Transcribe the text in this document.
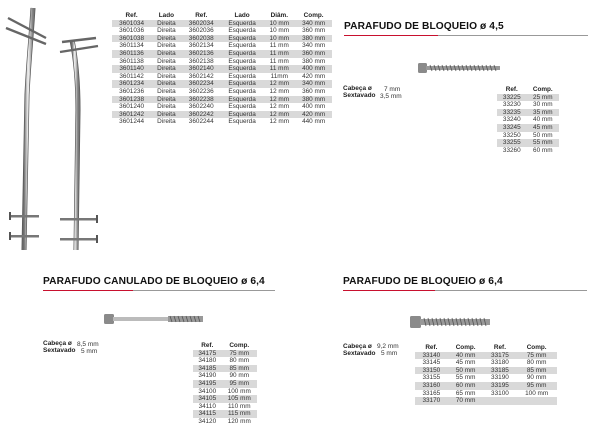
Ref.	Lado	Ref.	Lado	Diâm.	Comp.
3601034	Direita	3602034	Esquerda	10 mm	340 mm
3601036	Direita	3602036	Esquerda	10 mm	360 mm
3601038	Direita	3602038	Esquerda	10 mm	380 mm
3601134	Direita	3602134	Esquerda	11 mm	340 mm
3601136	Direita	3602136	Esquerda	11 mm	360 mm
3601138	Direita	3602138	Esquerda	11 mm	380 mm
3601140	Direita	3602140	Esquerda	11 mm	400 mm
3601142	Direita	3602142	Esquerda	11mm	420 mm
3601234	Direita	3602234	Esquerda	12 mm	340 mm
3601236	Direita	3602236	Esquerda	12 mm	360 mm
3601238	Direita	3602238	Esquerda	12 mm	380 mm
3601240	Direita	3602240	Esquerda	12 mm	400 mm
3601242	Direita	3602242	Esquerda	12 mm	420 mm
3601244	Direita	3602244	Esquerda	12 mm	440 mm
PARAFUDO DE BLOQUEIO ø 4,5
Cabeça ø
Sextavado
7 mm
3,5 mm
Ref.	Comp.
33225	25 mm
33230	30 mm
33235	35 mm
33240	40 mm
33245	45 mm
33250	50 mm
33255	55 mm
33260	60 mm
PARAFUDO CANULADO DE BLOQUEIO ø 6,4
Cabeça ø
Sextavado
8,5 mm
5 mm
Ref.	Comp.
34175	75 mm
34180	80 mm
34185	85 mm
34190	90 mm
34195	95 mm
34100	100 mm
34105	105 mm
34110	110 mm
34115	115 mm
34120	120 mm
PARAFUDO DE BLOQUEIO ø 6,4
Cabeça ø
Sextavado
9,2 mm
5 mm
Ref.	Comp.	Ref.	Comp.
33140	40 mm	33175	75 mm
33145	45 mm	33180	80 mm
33150	50 mm	33185	85 mm
33155	55 mm	33190	90 mm
33160	60 mm	33195	95 mm
33165	65 mm	33100	100 mm
33170	70 mm		
